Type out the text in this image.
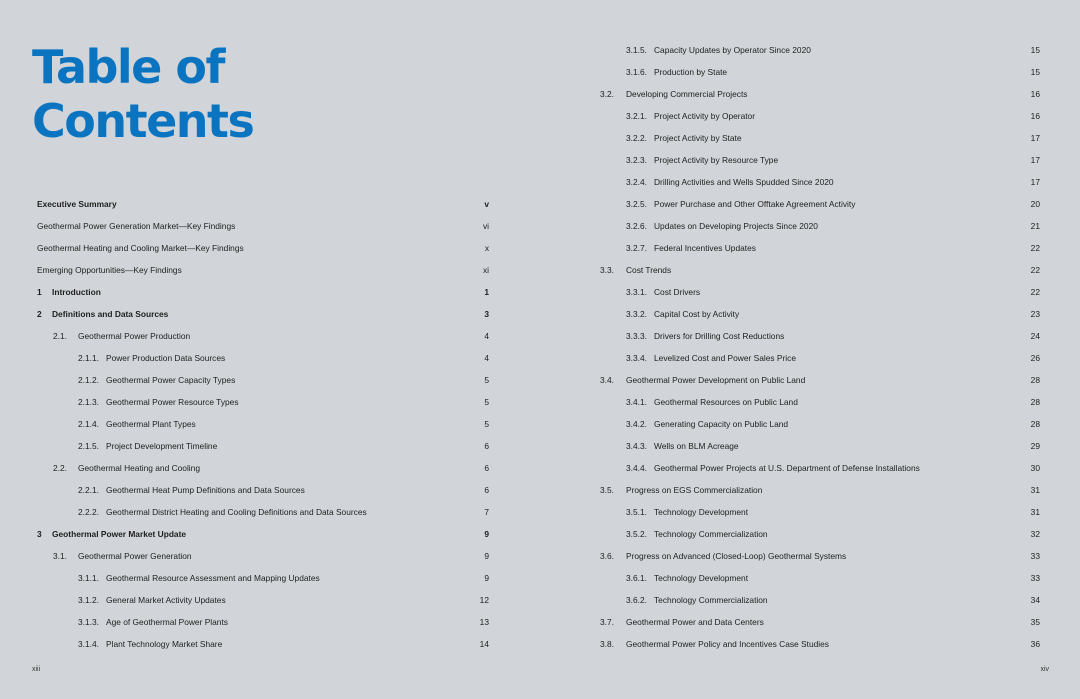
Table of
Contents
Executive Summary	v
Geothermal Power Generation Market—Key Findings	vi
Geothermal Heating and Cooling Market—Key Findings	x
Emerging Opportunities—Key Findings	xi
1 Introduction	1
2 Definitions and Data Sources	3
2.1. Geothermal Power Production	4
2.1.1. Power Production Data Sources	4
2.1.2. Geothermal Power Capacity Types	5
2.1.3. Geothermal Power Resource Types	5
2.1.4. Geothermal Plant Types	5
2.1.5. Project Development Timeline	6
2.2. Geothermal Heating and Cooling	6
2.2.1. Geothermal Heat Pump Definitions and Data Sources	6
2.2.2. Geothermal District Heating and Cooling Definitions and Data Sources	7
3 Geothermal Power Market Update	9
3.1. Geothermal Power Generation	9
3.1.1. Geothermal Resource Assessment and Mapping Updates	9
3.1.2. General Market Activity Updates	12
3.1.3. Age of Geothermal Power Plants	13
3.1.4. Plant Technology Market Share	14
3.1.5. Capacity Updates by Operator Since 2020	15
3.1.6. Production by State	15
3.2. Developing Commercial Projects	16
3.2.1. Project Activity by Operator	16
3.2.2. Project Activity by State	17
3.2.3. Project Activity by Resource Type	17
3.2.4. Drilling Activities and Wells Spudded Since 2020	17
3.2.5. Power Purchase and Other Offtake Agreement Activity	20
3.2.6. Updates on Developing Projects Since 2020	21
3.2.7. Federal Incentives Updates	22
3.3. Cost Trends	22
3.3.1. Cost Drivers	22
3.3.2. Capital Cost by Activity	23
3.3.3. Drivers for Drilling Cost Reductions	24
3.3.4. Levelized Cost and Power Sales Price	26
3.4. Geothermal Power Development on Public Land	28
3.4.1. Geothermal Resources on Public Land	28
3.4.2. Generating Capacity on Public Land	28
3.4.3. Wells on BLM Acreage	29
3.4.4. Geothermal Power Projects at U.S. Department of Defense Installations	30
3.5. Progress on EGS Commercialization	31
3.5.1. Technology Development	31
3.5.2. Technology Commercialization	32
3.6. Progress on Advanced (Closed-Loop) Geothermal Systems	33
3.6.1. Technology Development	33
3.6.2. Technology Commercialization	34
3.7. Geothermal Power and Data Centers	35
3.8. Geothermal Power Policy and Incentives Case Studies	36
xiii	xiv
